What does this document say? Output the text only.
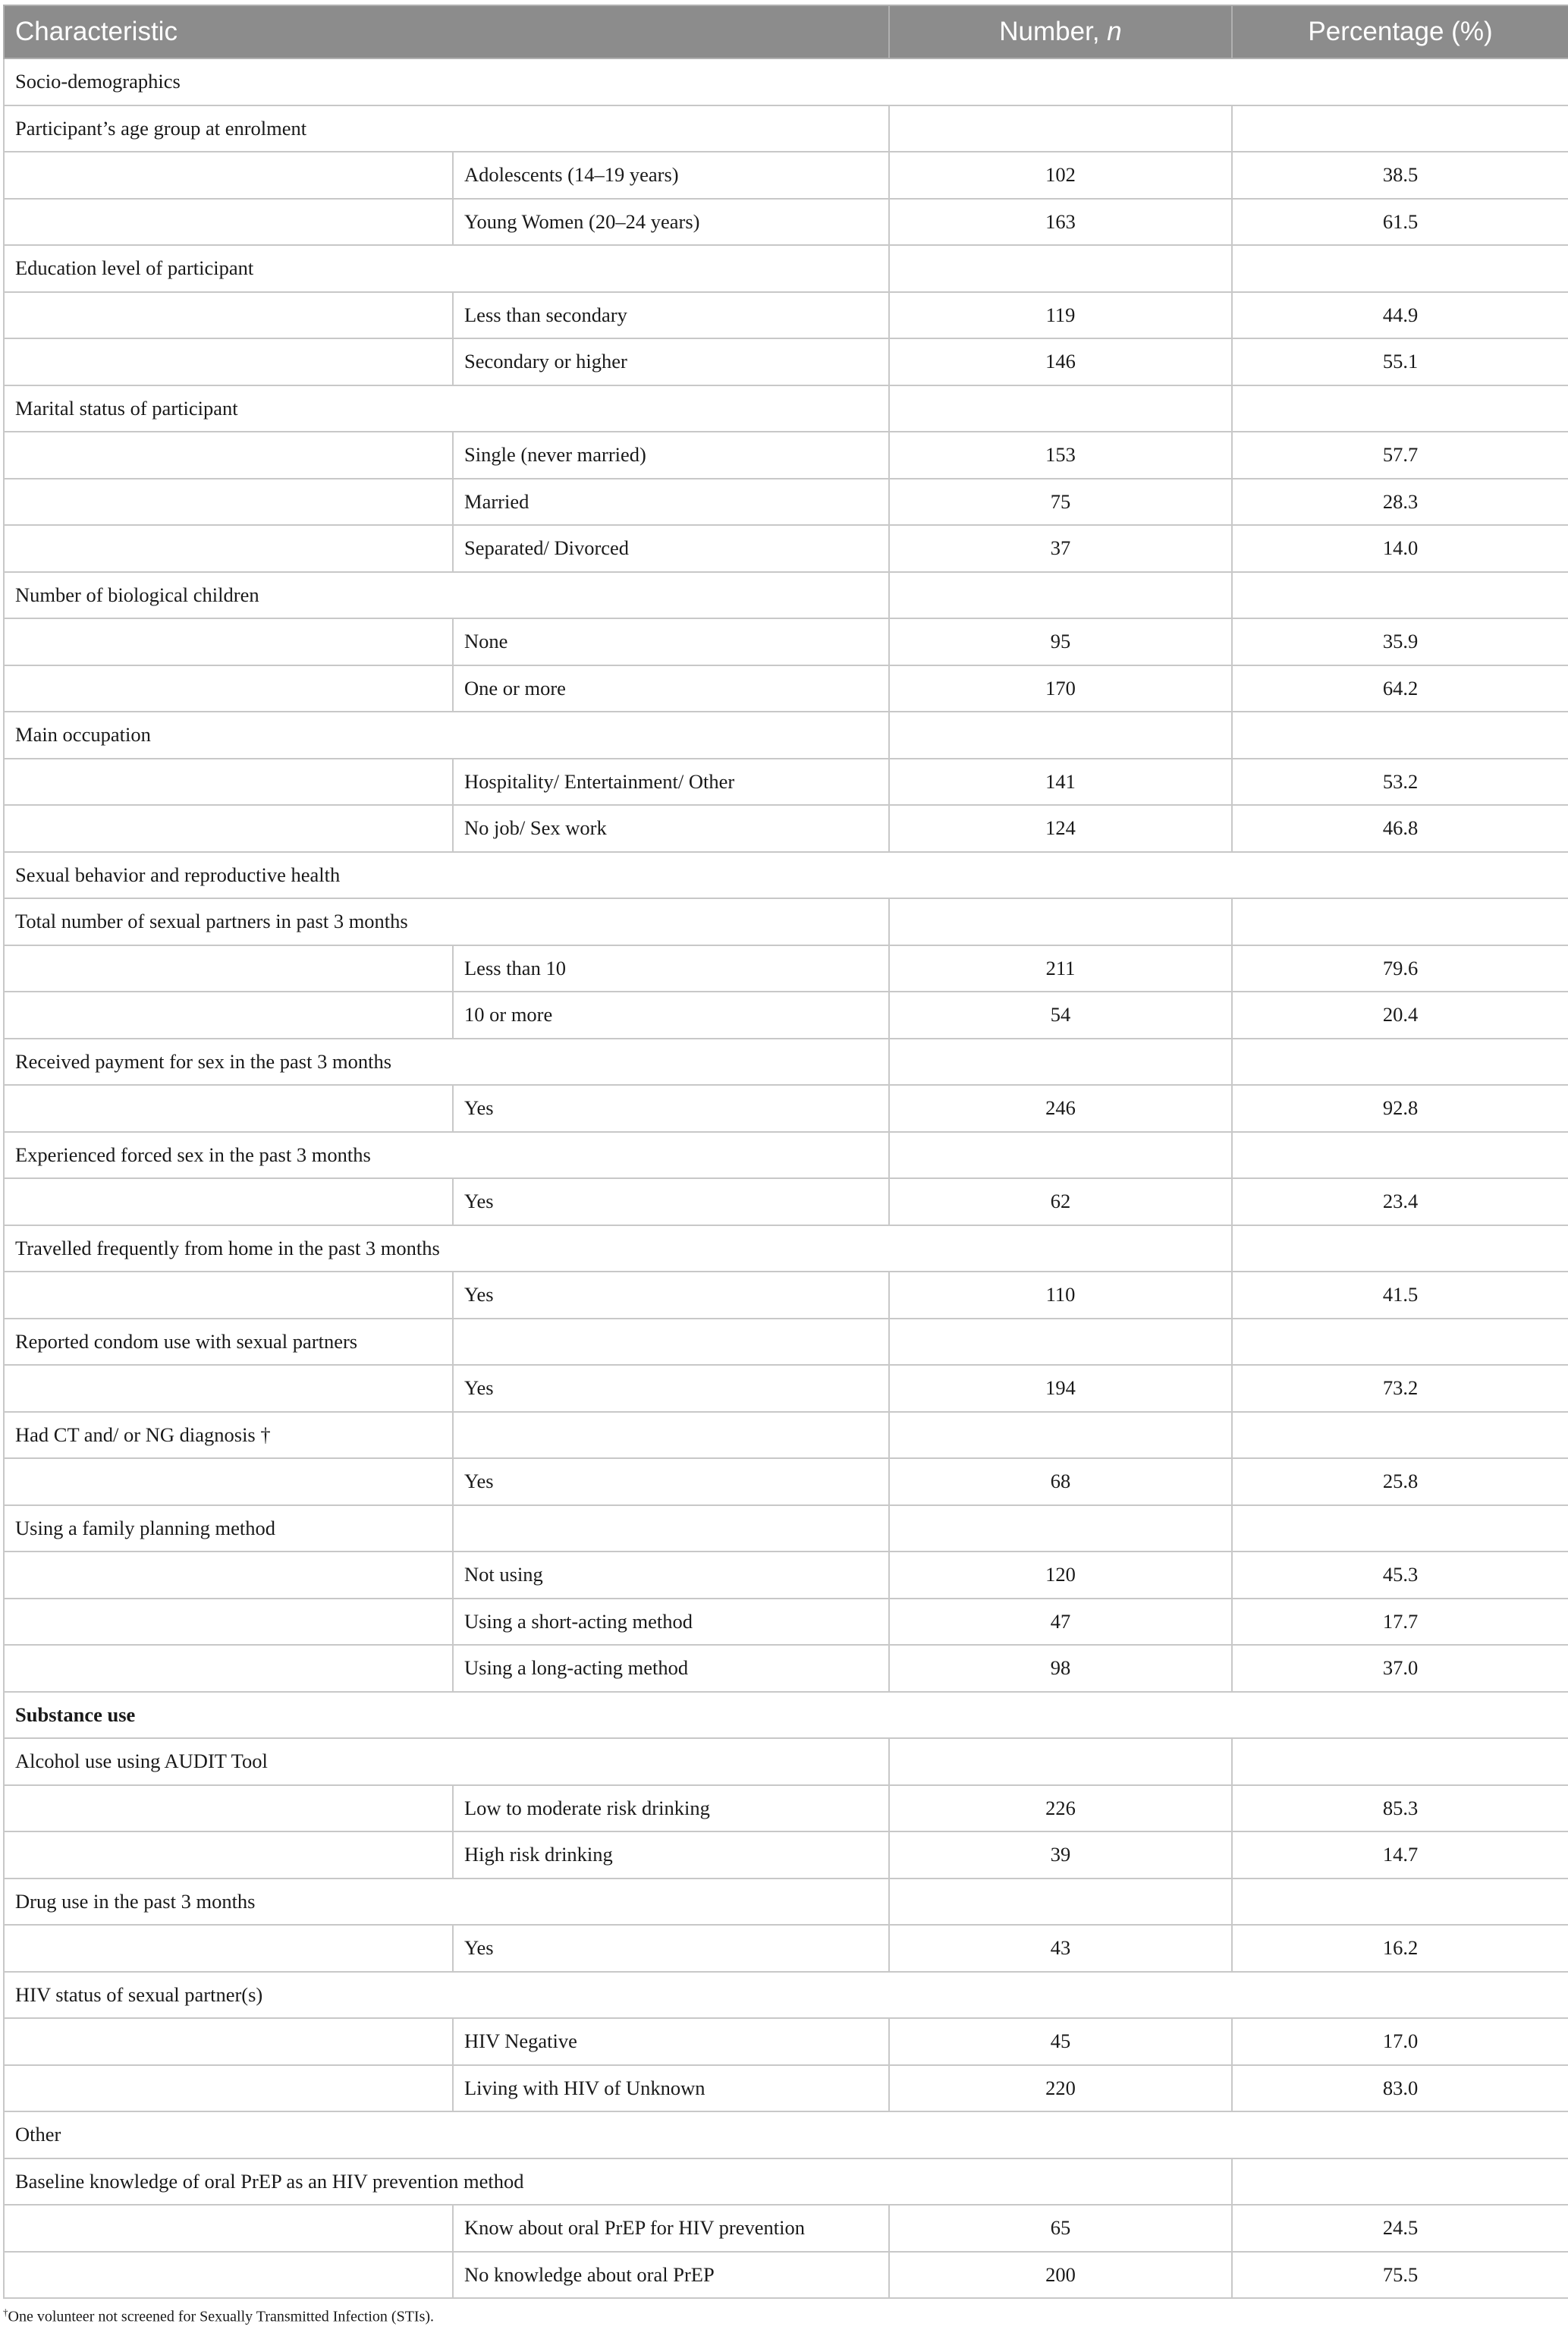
Characteristic		Number, n	Percentage (%)
Socio-demographics			
Participant’s age group at enrolment			
	Adolescents (14–19 years)	102	38.5
	Young Women (20–24 years)	163	61.5
Education level of participant			
	Less than secondary	119	44.9
	Secondary or higher	146	55.1
Marital status of participant			
	Single (never married)	153	57.7
	Married	75	28.3
	Separated/ Divorced	37	14.0
Number of biological children			
	None	95	35.9
	One or more	170	64.2
Main occupation			
	Hospitality/ Entertainment/ Other	141	53.2
	No job/ Sex work	124	46.8
Sexual behavior and reproductive health			
Total number of sexual partners in past 3 months			
	Less than 10	211	79.6
	10 or more	54	20.4
Received payment for sex in the past 3 months			
	Yes	246	92.8
Experienced forced sex in the past 3 months			
	Yes	62	23.4
Travelled frequently from home in the past 3 months			
	Yes	110	41.5
Reported condom use with sexual partners			
	Yes	194	73.2
Had CT and/ or NG diagnosis †			
	Yes	68	25.8
Using a family planning method			
	Not using	120	45.3
	Using a short-acting method	47	17.7
	Using a long-acting method	98	37.0
Substance use			
Alcohol use using AUDIT Tool			
	Low to moderate risk drinking	226	85.3
	High risk drinking	39	14.7
Drug use in the past 3 months			
	Yes	43	16.2
HIV status of sexual partner(s)			
	HIV Negative	45	17.0
	Living with HIV of Unknown	220	83.0
Other			
Baseline knowledge of oral PrEP as an HIV prevention method			
	Know about oral PrEP for HIV prevention	65	24.5
	No knowledge about oral PrEP	200	75.5
†One volunteer not screened for Sexually Transmitted Infection (STIs).
